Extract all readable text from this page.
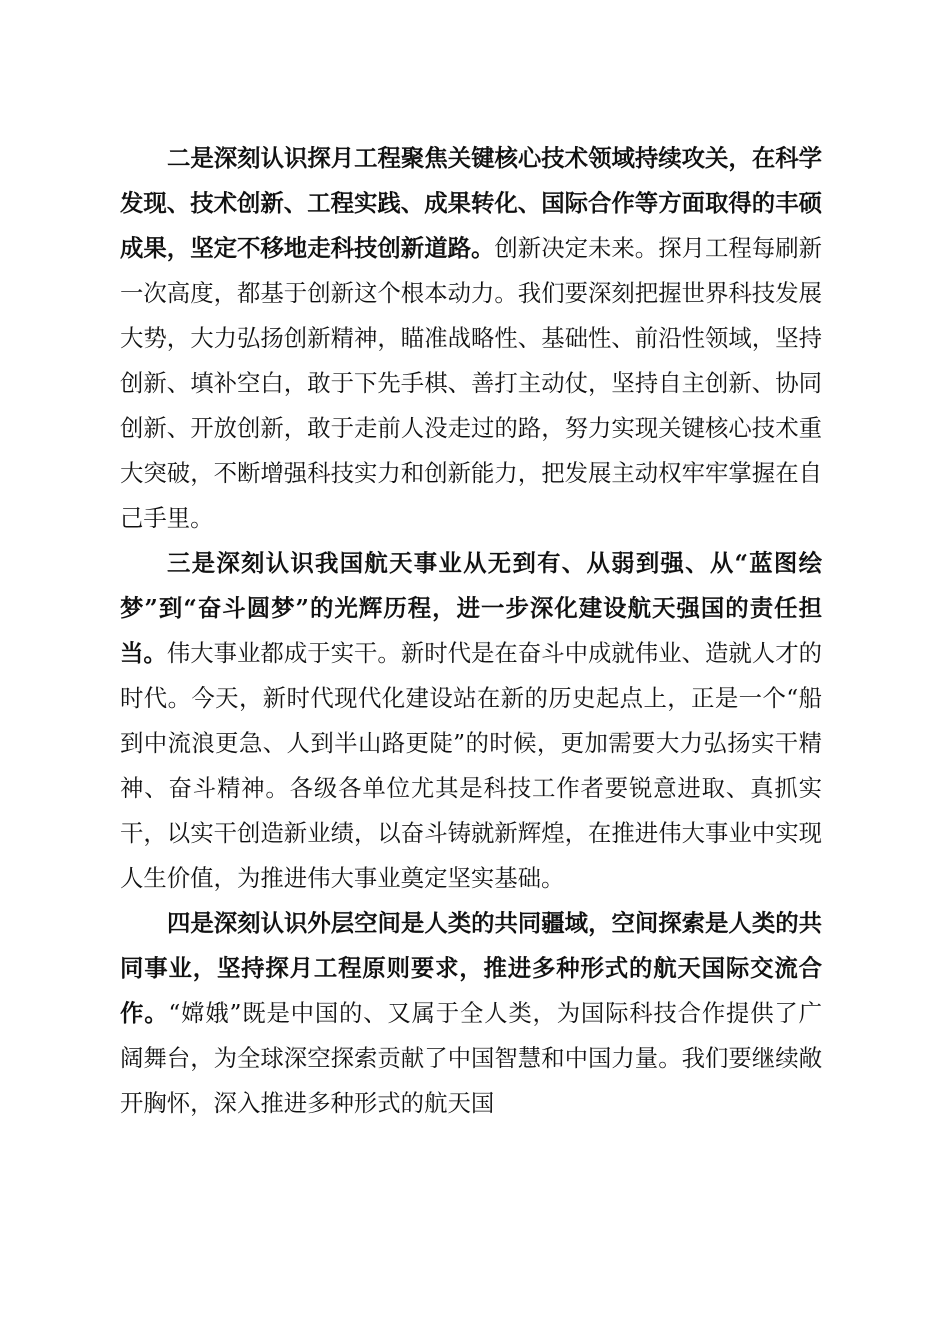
二是深刻认识探月工程聚焦关键核心技术领域持续攻关，在科学发现、技术创新、工程实践、成果转化、国际合作等方面取得的丰硕成果，坚定不移地走科技创新道路。创新决定未来。探月工程每刷新一次高度，都基于创新这个根本动力。我们要深刻把握世界科技发展大势，大力弘扬创新精神，瞄准战略性、基础性、前沿性领域，坚持创新、填补空白，敢于下先手棋、善打主动仗，坚持自主创新、协同创新、开放创新，敢于走前人没走过的路，努力实现关键核心技术重大突破，不断增强科技实力和创新能力，把发展主动权牢牢掌握在自己手里。

三是深刻认识我国航天事业从无到有、从弱到强、从“蓝图绘梦”到“奋斗圆梦”的光辉历程，进一步深化建设航天强国的责任担当。伟大事业都成于实干。新时代是在奋斗中成就伟业、造就人才的时代。今天，新时代现代化建设站在新的历史起点上，正是一个“船到中流浪更急、人到半山路更陡”的时候，更加需要大力弘扬实干精神、奋斗精神。各级各单位尤其是科技工作者要锐意进取、真抓实干，以实干创造新业绩，以奋斗铸就新辉煌，在推进伟大事业中实现人生价值，为推进伟大事业奠定坚实基础。

四是深刻认识外层空间是人类的共同疆域，空间探索是人类的共同事业，坚持探月工程原则要求，推进多种形式的航天国际交流合作。“嫦娥”既是中国的、又属于全人类，为国际科技合作提供了广阔舞台，为全球深空探索贡献了中国智慧和中国力量。我们要继续敞开胸怀，深入推进多种形式的航天国
